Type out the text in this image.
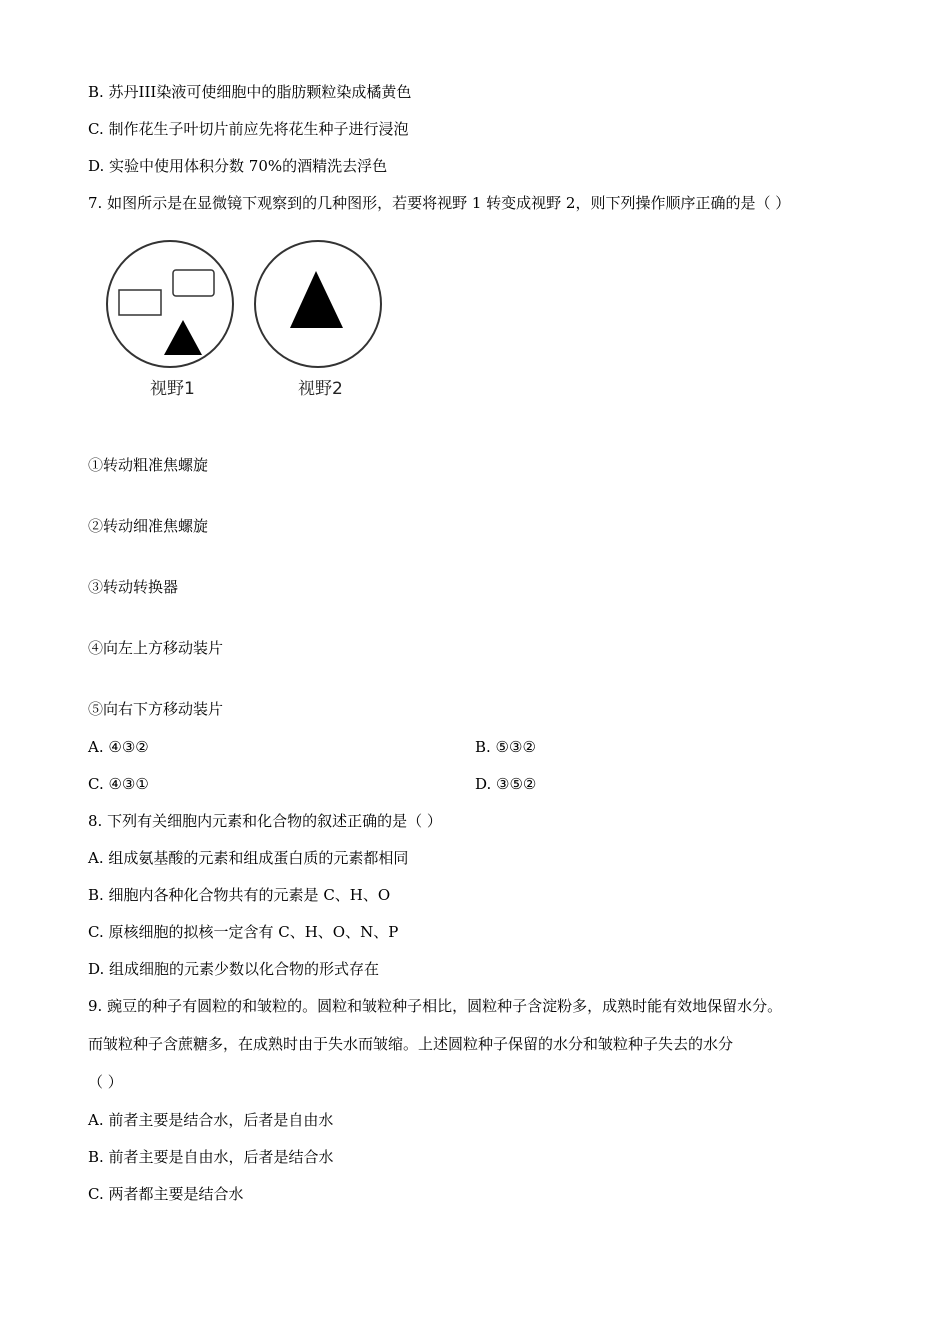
B. 苏丹III染液可使细胞中的脂肪颗粒染成橘黄色
C. 制作花生子叶切片前应先将花生种子进行浸泡
D. 实验中使用体积分数 70%的酒精洗去浮色
7. 如图所示是在显微镜下观察到的几种图形，若要将视野 1 转变成视野 2，则下列操作顺序正确的是（ ）
视野1	视野2
①转动粗准焦螺旋
②转动细准焦螺旋
③转动转换器
④向左上方移动装片
⑤向右下方移动装片
A. ④③②	B. ⑤③②
C. ④③①	D. ③⑤②
8. 下列有关细胞内元素和化合物的叙述正确的是（ ）
A. 组成氨基酸的元素和组成蛋白质的元素都相同
B. 细胞内各种化合物共有的元素是 C、H、O
C. 原核细胞的拟核一定含有 C、H、O、N、P
D. 组成细胞的元素少数以化合物的形式存在
9. 豌豆的种子有圆粒的和皱粒的。圆粒和皱粒种子相比，圆粒种子含淀粉多，成熟时能有效地保留水分。
而皱粒种子含蔗糖多，在成熟时由于失水而皱缩。上述圆粒种子保留的水分和皱粒种子失去的水分
（ ）
A. 前者主要是结合水，后者是自由水
B. 前者主要是自由水，后者是结合水
C. 两者都主要是结合水
